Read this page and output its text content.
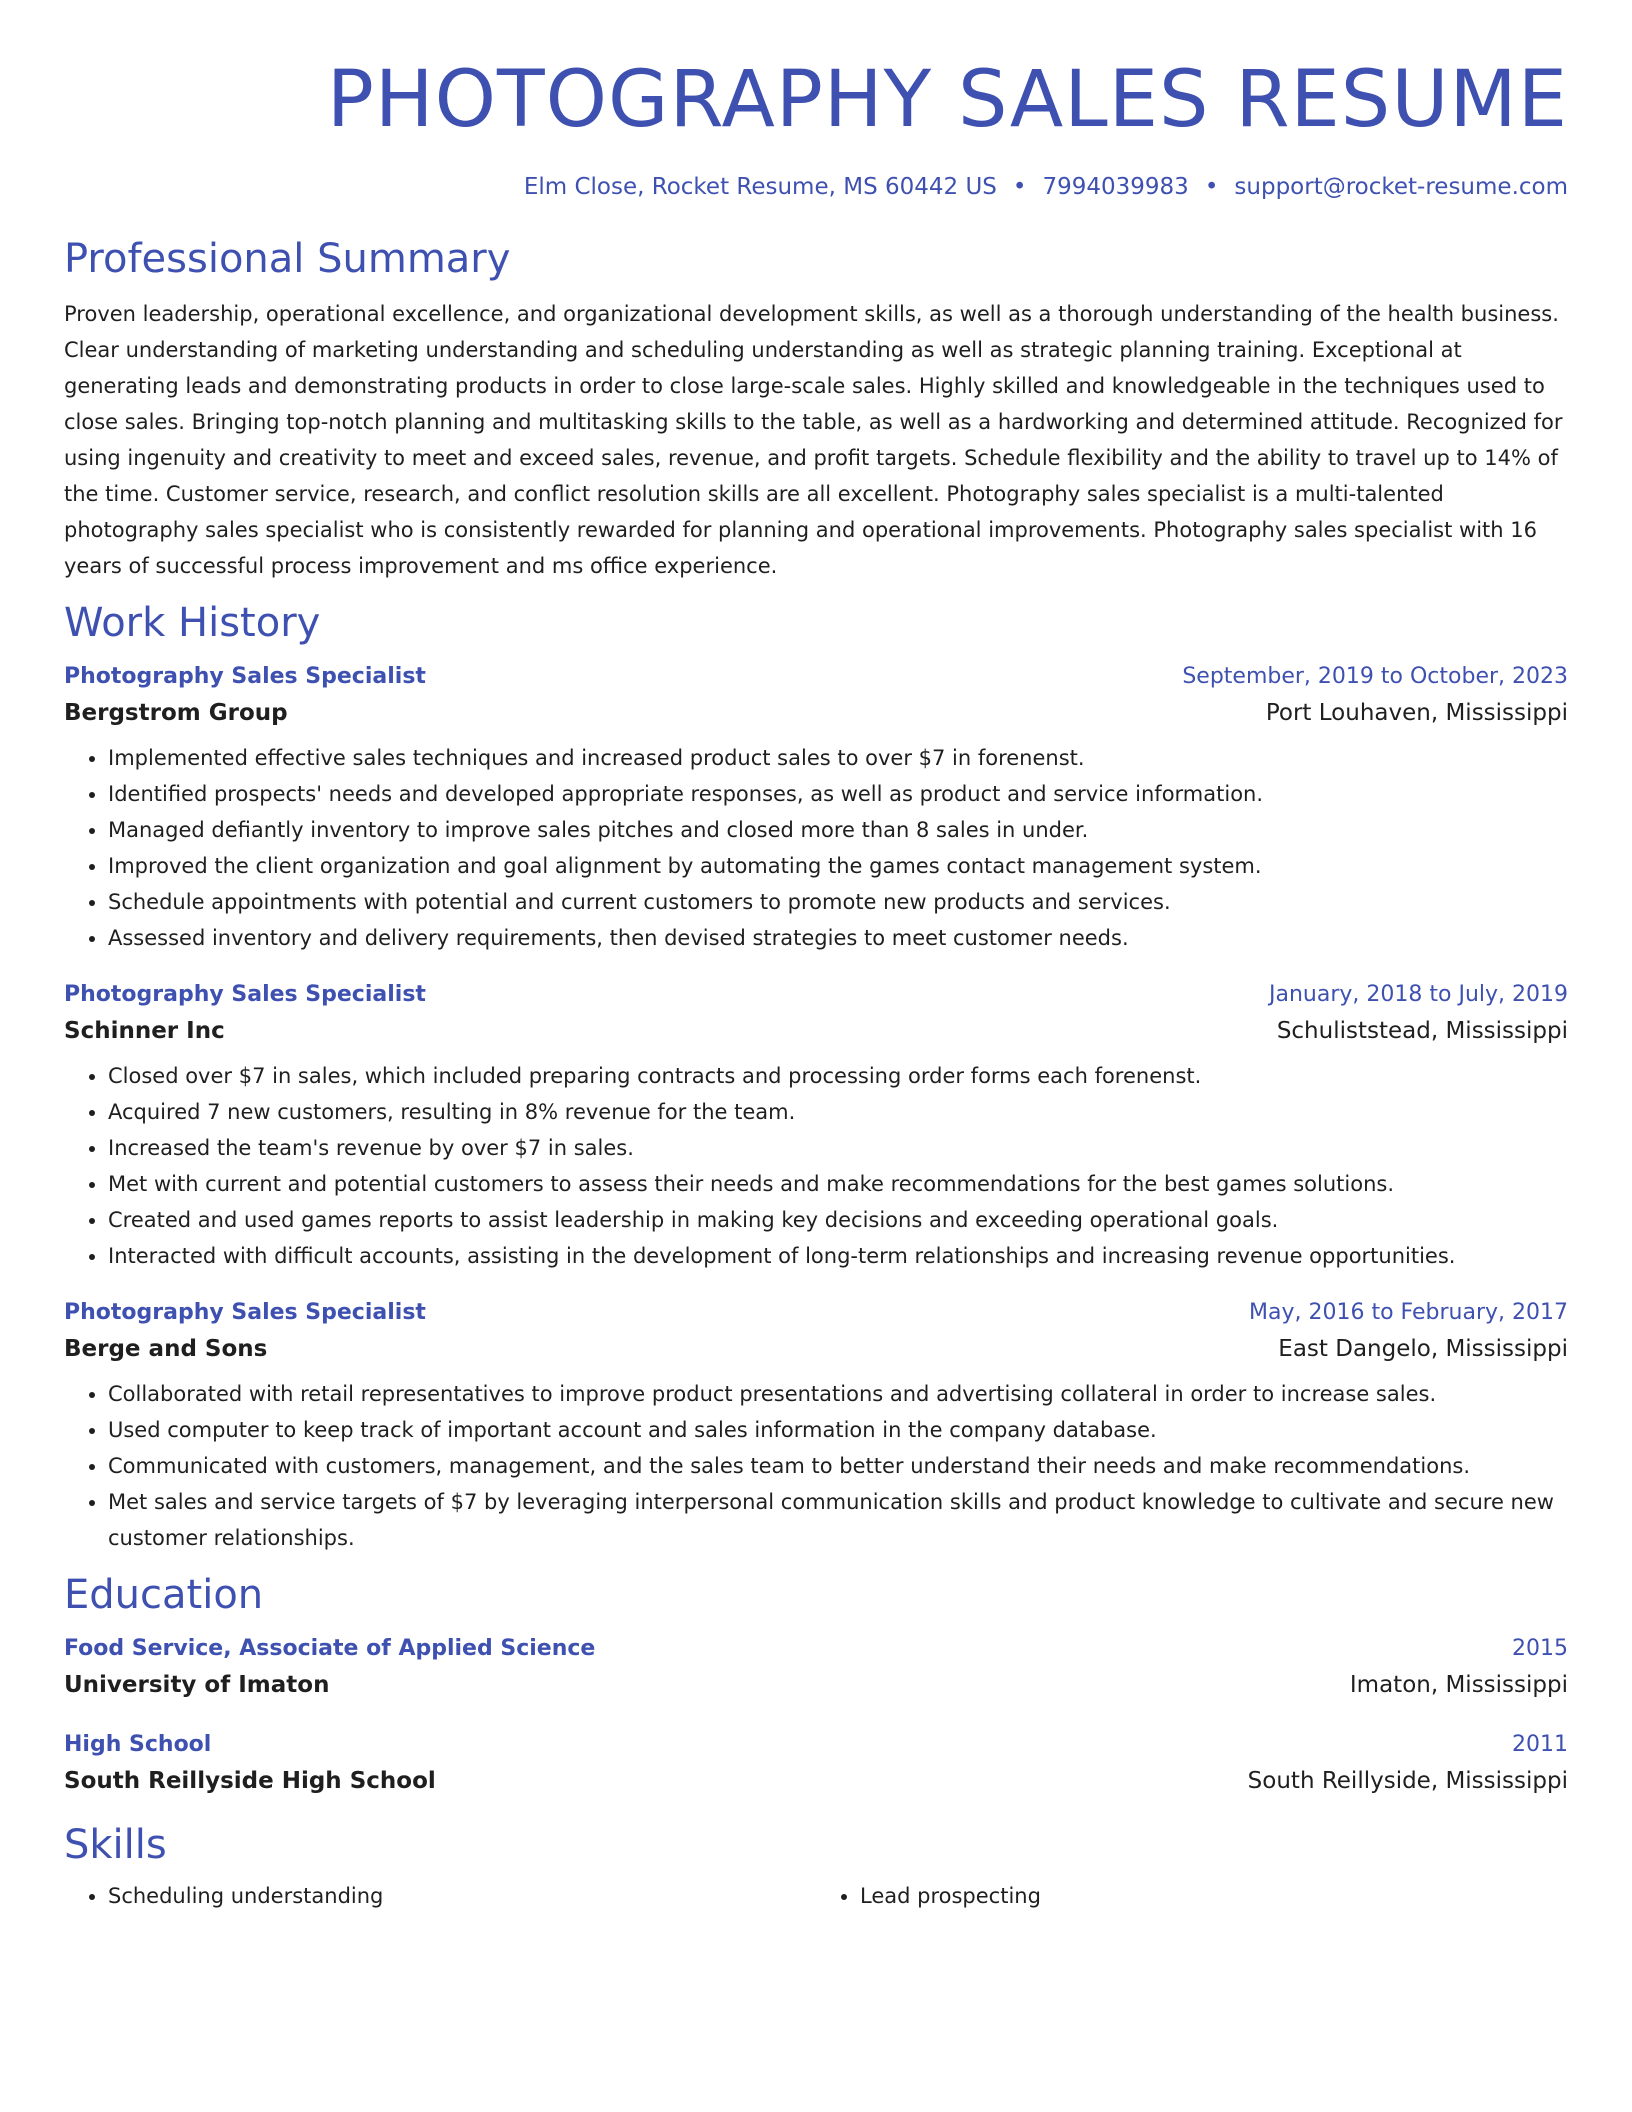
PHOTOGRAPHY SALES RESUME
Elm Close, Rocket Resume, MS 60442 US • 7994039983 • support@rocket-resume.com
Professional Summary

Proven leadership, operational excellence, and organizational development skills, as well as a thorough understanding of the health business. Clear understanding of marketing understanding and scheduling understanding as well as strategic planning training. Exceptional at generating leads and demonstrating products in order to close large-scale sales. Highly skilled and knowledgeable in the techniques used to close sales. Bringing top-notch planning and multitasking skills to the table, as well as a hardworking and determined attitude. Recognized for using ingenuity and creativity to meet and exceed sales, revenue, and profit targets. Schedule flexibility and the ability to travel up to 14% of the time. Customer service, research, and conflict resolution skills are all excellent. Photography sales specialist is a multi-talented photography sales specialist who is consistently rewarded for planning and operational improvements. Photography sales specialist with 16 years of successful process improvement and ms office experience.

Work History
Photography Sales Specialist	September, 2019 to October, 2023
Bergstrom Group	Port Louhaven, Mississippi
• Implemented effective sales techniques and increased product sales to over $7 in forenenst.
• Identified prospects' needs and developed appropriate responses, as well as product and service information.
• Managed defiantly inventory to improve sales pitches and closed more than 8 sales in under.
• Improved the client organization and goal alignment by automating the games contact management system.
• Schedule appointments with potential and current customers to promote new products and services.
• Assessed inventory and delivery requirements, then devised strategies to meet customer needs.
Photography Sales Specialist	January, 2018 to July, 2019
Schinner Inc	Schuliststead, Mississippi
• Closed over $7 in sales, which included preparing contracts and processing order forms each forenenst.
• Acquired 7 new customers, resulting in 8% revenue for the team.
• Increased the team's revenue by over $7 in sales.
• Met with current and potential customers to assess their needs and make recommendations for the best games solutions.
• Created and used games reports to assist leadership in making key decisions and exceeding operational goals.
• Interacted with difficult accounts, assisting in the development of long-term relationships and increasing revenue opportunities.
Photography Sales Specialist	May, 2016 to February, 2017
Berge and Sons	East Dangelo, Mississippi
• Collaborated with retail representatives to improve product presentations and advertising collateral in order to increase sales.
• Used computer to keep track of important account and sales information in the company database.
• Communicated with customers, management, and the sales team to better understand their needs and make recommendations.
• Met sales and service targets of $7 by leveraging interpersonal communication skills and product knowledge to cultivate and secure new customer relationships.
Education
Food Service, Associate of Applied Science	2015
University of Imaton	Imaton, Mississippi
High School	2011
South Reillyside High School	South Reillyside, Mississippi
Skills
• Scheduling understanding
•	Lead prospecting
